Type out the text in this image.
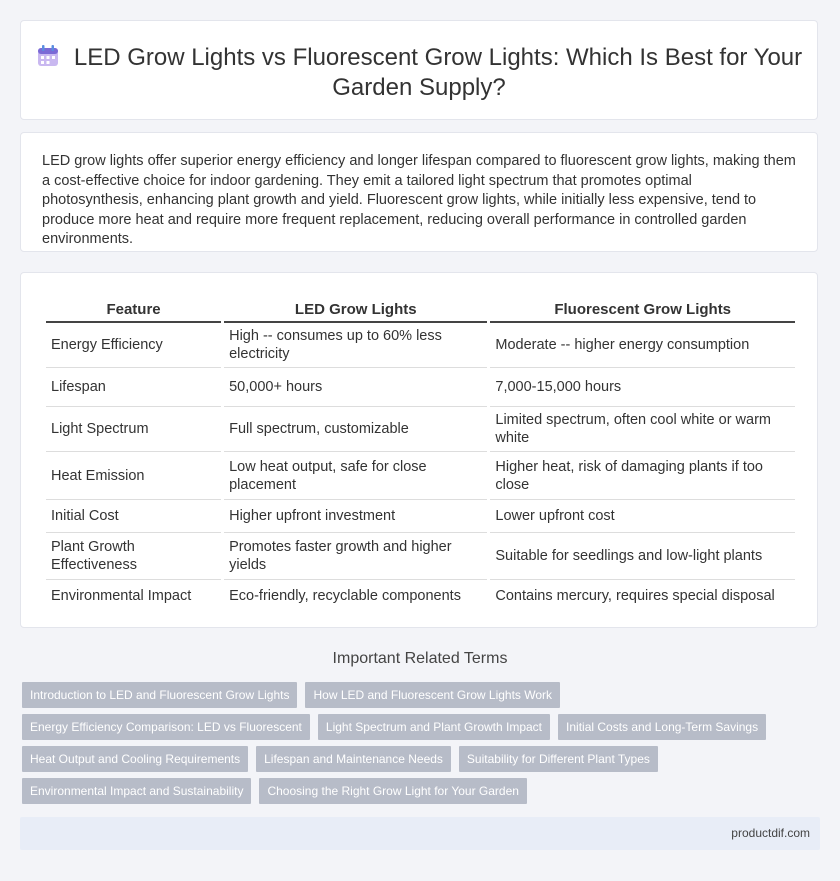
LED Grow Lights vs Fluorescent Grow Lights: Which Is Best for Your Garden Supply?
LED grow lights offer superior energy efficiency and longer lifespan compared to fluorescent grow lights, making them a cost-effective choice for indoor gardening. They emit a tailored light spectrum that promotes optimal photosynthesis, enhancing plant growth and yield. Fluorescent grow lights, while initially less expensive, tend to produce more heat and require more frequent replacement, reducing overall performance in controlled garden environments.
Feature	LED Grow Lights	Fluorescent Grow Lights
Energy Efficiency	High -- consumes up to 60% less electricity	Moderate -- higher energy consumption
Lifespan	50,000+ hours	7,000-15,000 hours
Light Spectrum	Full spectrum, customizable	Limited spectrum, often cool white or warm white
Heat Emission	Low heat output, safe for close placement	Higher heat, risk of damaging plants if too close
Initial Cost	Higher upfront investment	Lower upfront cost
Plant Growth Effectiveness	Promotes faster growth and higher yields	Suitable for seedlings and low-light plants
Environmental Impact	Eco-friendly, recyclable components	Contains mercury, requires special disposal
Important Related Terms
Introduction to LED and Fluorescent Grow Lights	How LED and Fluorescent Grow Lights Work
Energy Efficiency Comparison: LED vs Fluorescent	Light Spectrum and Plant Growth Impact	Initial Costs and Long-Term Savings
Heat Output and Cooling Requirements	Lifespan and Maintenance Needs	Suitability for Different Plant Types
Environmental Impact and Sustainability	Choosing the Right Grow Light for Your Garden
productdif.com
